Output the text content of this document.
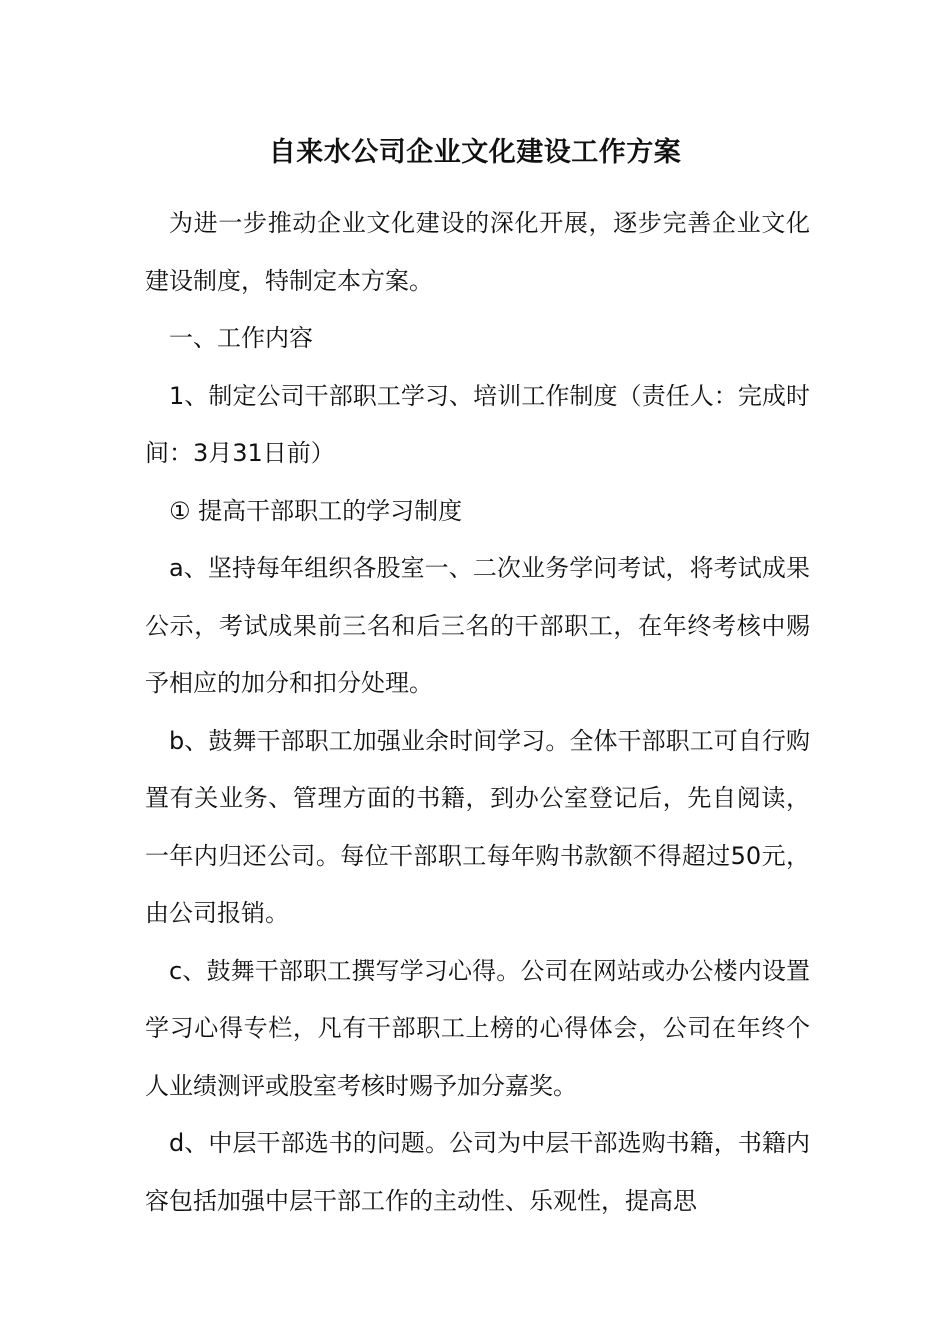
自来水公司企业文化建设工作方案

为进一步推动企业文化建设的深化开展，逐步完善企业文化建设制度，特制定本方案。

一、工作内容

1、制定公司干部职工学习、培训工作制度（责任人：完成时间：3月31日前）

① 提高干部职工的学习制度

a、坚持每年组织各股室一、二次业务学问考试，将考试成果公示，考试成果前三名和后三名的干部职工，在年终考核中赐予相应的加分和扣分处理。

b、鼓舞干部职工加强业余时间学习。全体干部职工可自行购置有关业务、管理方面的书籍，到办公室登记后，先自阅读，一年内归还公司。每位干部职工每年购书款额不得超过50元，由公司报销。

c、鼓舞干部职工撰写学习心得。公司在网站或办公楼内设置学习心得专栏，凡有干部职工上榜的心得体会，公司在年终个人业绩测评或股室考核时赐予加分嘉奖。

d、中层干部选书的问题。公司为中层干部选购书籍，书籍内容包括加强中层干部工作的主动性、乐观性，提高思
